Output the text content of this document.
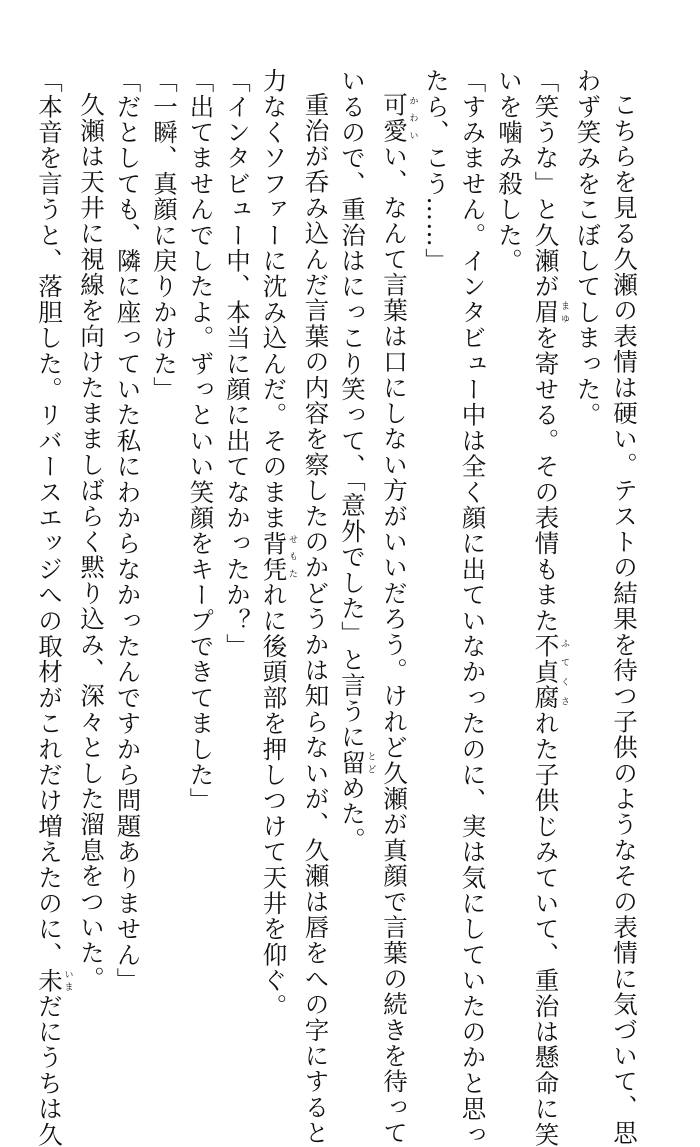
こちらを見る久瀬の表情は硬い。テストの結果を待つ子供のようなその表情に気づいて、思
わず笑みをこぼしてしまった。
「笑うな」と久瀬が眉まゆを寄せる。その表情もまた不貞腐ふてくされた子供じみていて、重治は懸命に笑
いを噛み殺した。
「すみません。インタビュー中は全く顔に出ていなかったのに、実は気にしていたのかと思っ
たら、こう……」
可愛かわいい、なんて言葉は口にしない方がいいだろう。けれど久瀬が真顔で言葉の続きを待って
いるので、重治はにっこり笑って、「意外でした」と言うに留とどめた。
重治が呑み込んだ言葉の内容を察したのかどうかは知らないが、久瀬は唇をへの字にすると
力なくソファーに沈み込んだ。そのまま背凭せもたれに後頭部を押しつけて天井を仰ぐ。
「インタビュー中、本当に顔に出てなかったか？」
「出てませんでしたよ。ずっといい笑顔をキープできてました」
「一瞬、真顔に戻りかけた」
「だとしても、隣に座っていた私にわからなかったんですから問題ありません」
久瀬は天井に視線を向けたまましばらく黙り込み、深々とした溜息をついた。
「本音を言うと、落胆した。リバースエッジへの取材がこれだけ増えたのに、未いまだにうちは久
